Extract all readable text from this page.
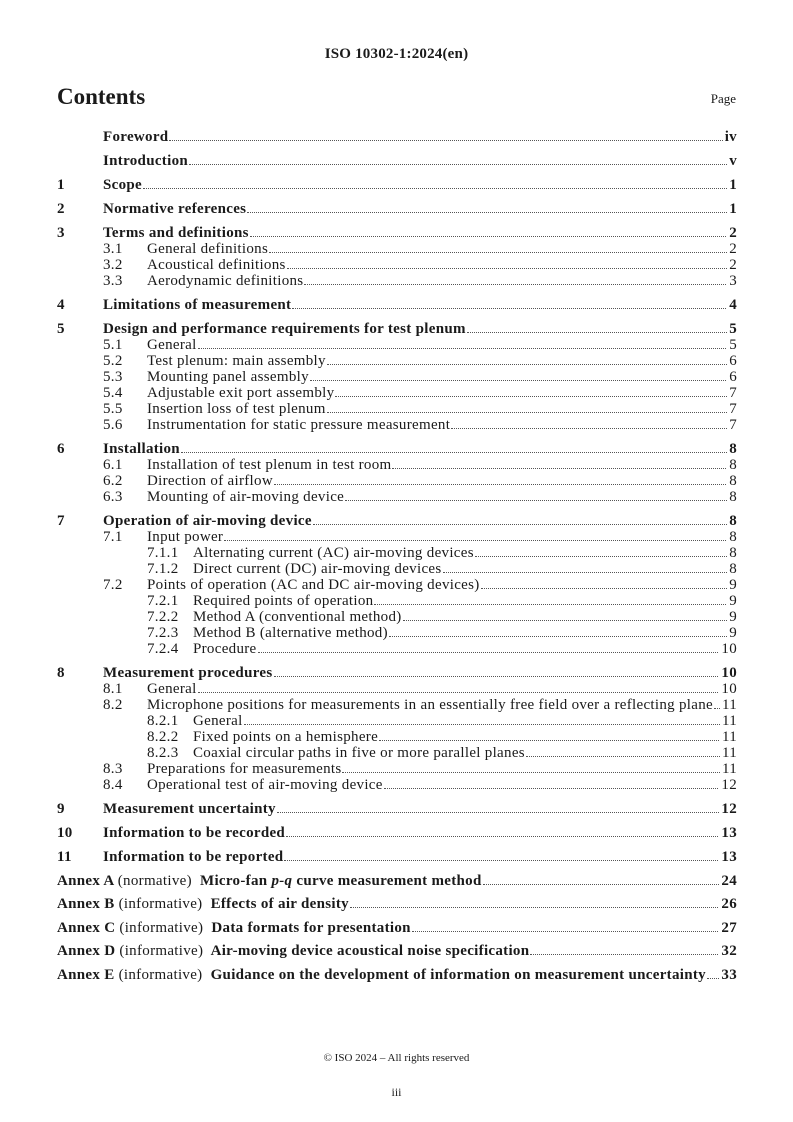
ISO 10302-1:2024(en)
Contents	Page
Foreword	iv
Introduction	v
1	Scope	1
2	Normative references	1
3	Terms and definitions	2
3.1	General definitions	2
3.2	Acoustical definitions	2
3.3	Aerodynamic definitions	3
4	Limitations of measurement	4
5	Design and performance requirements for test plenum	5
5.1	General	5
5.2	Test plenum: main assembly	6
5.3	Mounting panel assembly	6
5.4	Adjustable exit port assembly	7
5.5	Insertion loss of test plenum	7
5.6	Instrumentation for static pressure measurement	7
6	Installation	8
6.1	Installation of test plenum in test room	8
6.2	Direction of airflow	8
6.3	Mounting of air-moving device	8
7	Operation of air-moving device	8
7.1	Input power	8
7.1.1 Alternating current (AC) air-moving devices	8
7.1.2 Direct current (DC) air-moving devices	8
7.2	Points of operation (AC and DC air-moving devices)	9
7.2.1 Required points of operation	9
7.2.2 Method A (conventional method)	9
7.2.3 Method B (alternative method)	9
7.2.4 Procedure	10
8	Measurement procedures	10
8.1	General	10
8.2	Microphone positions for measurements in an essentially free field over a reflecting plane 11
8.2.1 General	11
8.2.2 Fixed points on a hemisphere	11
8.2.3 Coaxial circular paths in five or more parallel planes	11
8.3	Preparations for measurements	11
8.4	Operational test of air-moving device	12
9	Measurement uncertainty	12
10	Information to be recorded	13
11	Information to be reported	13
Annex A (normative) Micro-fan p-q curve measurement method	24
Annex B (informative) Effects of air density	26
Annex C (informative) Data formats for presentation	27
Annex D (informative) Air-moving device acoustical noise specification	32
Annex E (informative) Guidance on the development of information on measurement uncertainty	33
© ISO 2024 – All rights reserved
iii
